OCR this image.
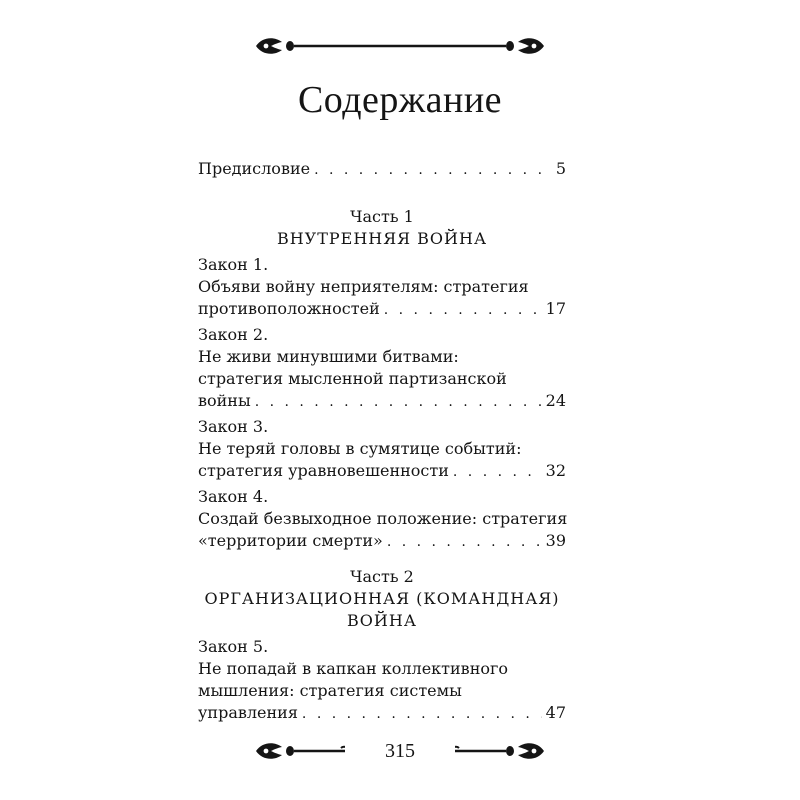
Содержание
Предисловие . . .	5
Часть 1
ВНУТРЕННЯЯ ВОЙНА
Закон 1.
Объяви войну неприятелям: стратегия
противоположностей . . .	17
Закон 2.
Не живи минувшими битвами:
стратегия мысленной партизанской
войны . . .	24
Закон 3.
Не теряй головы в сумятице событий:
стратегия уравновешенности . . .	32
Закон 4.
Создай безвыходное положение: стратегия
«территории смерти» . . .	39
Часть 2
ОРГАНИЗАЦИОННАЯ (КОМАНДНАЯ)
ВОЙНА
Закон 5.
Не попадай в капкан коллективного
мышления: стратегия системы
управления . . .	47
315
